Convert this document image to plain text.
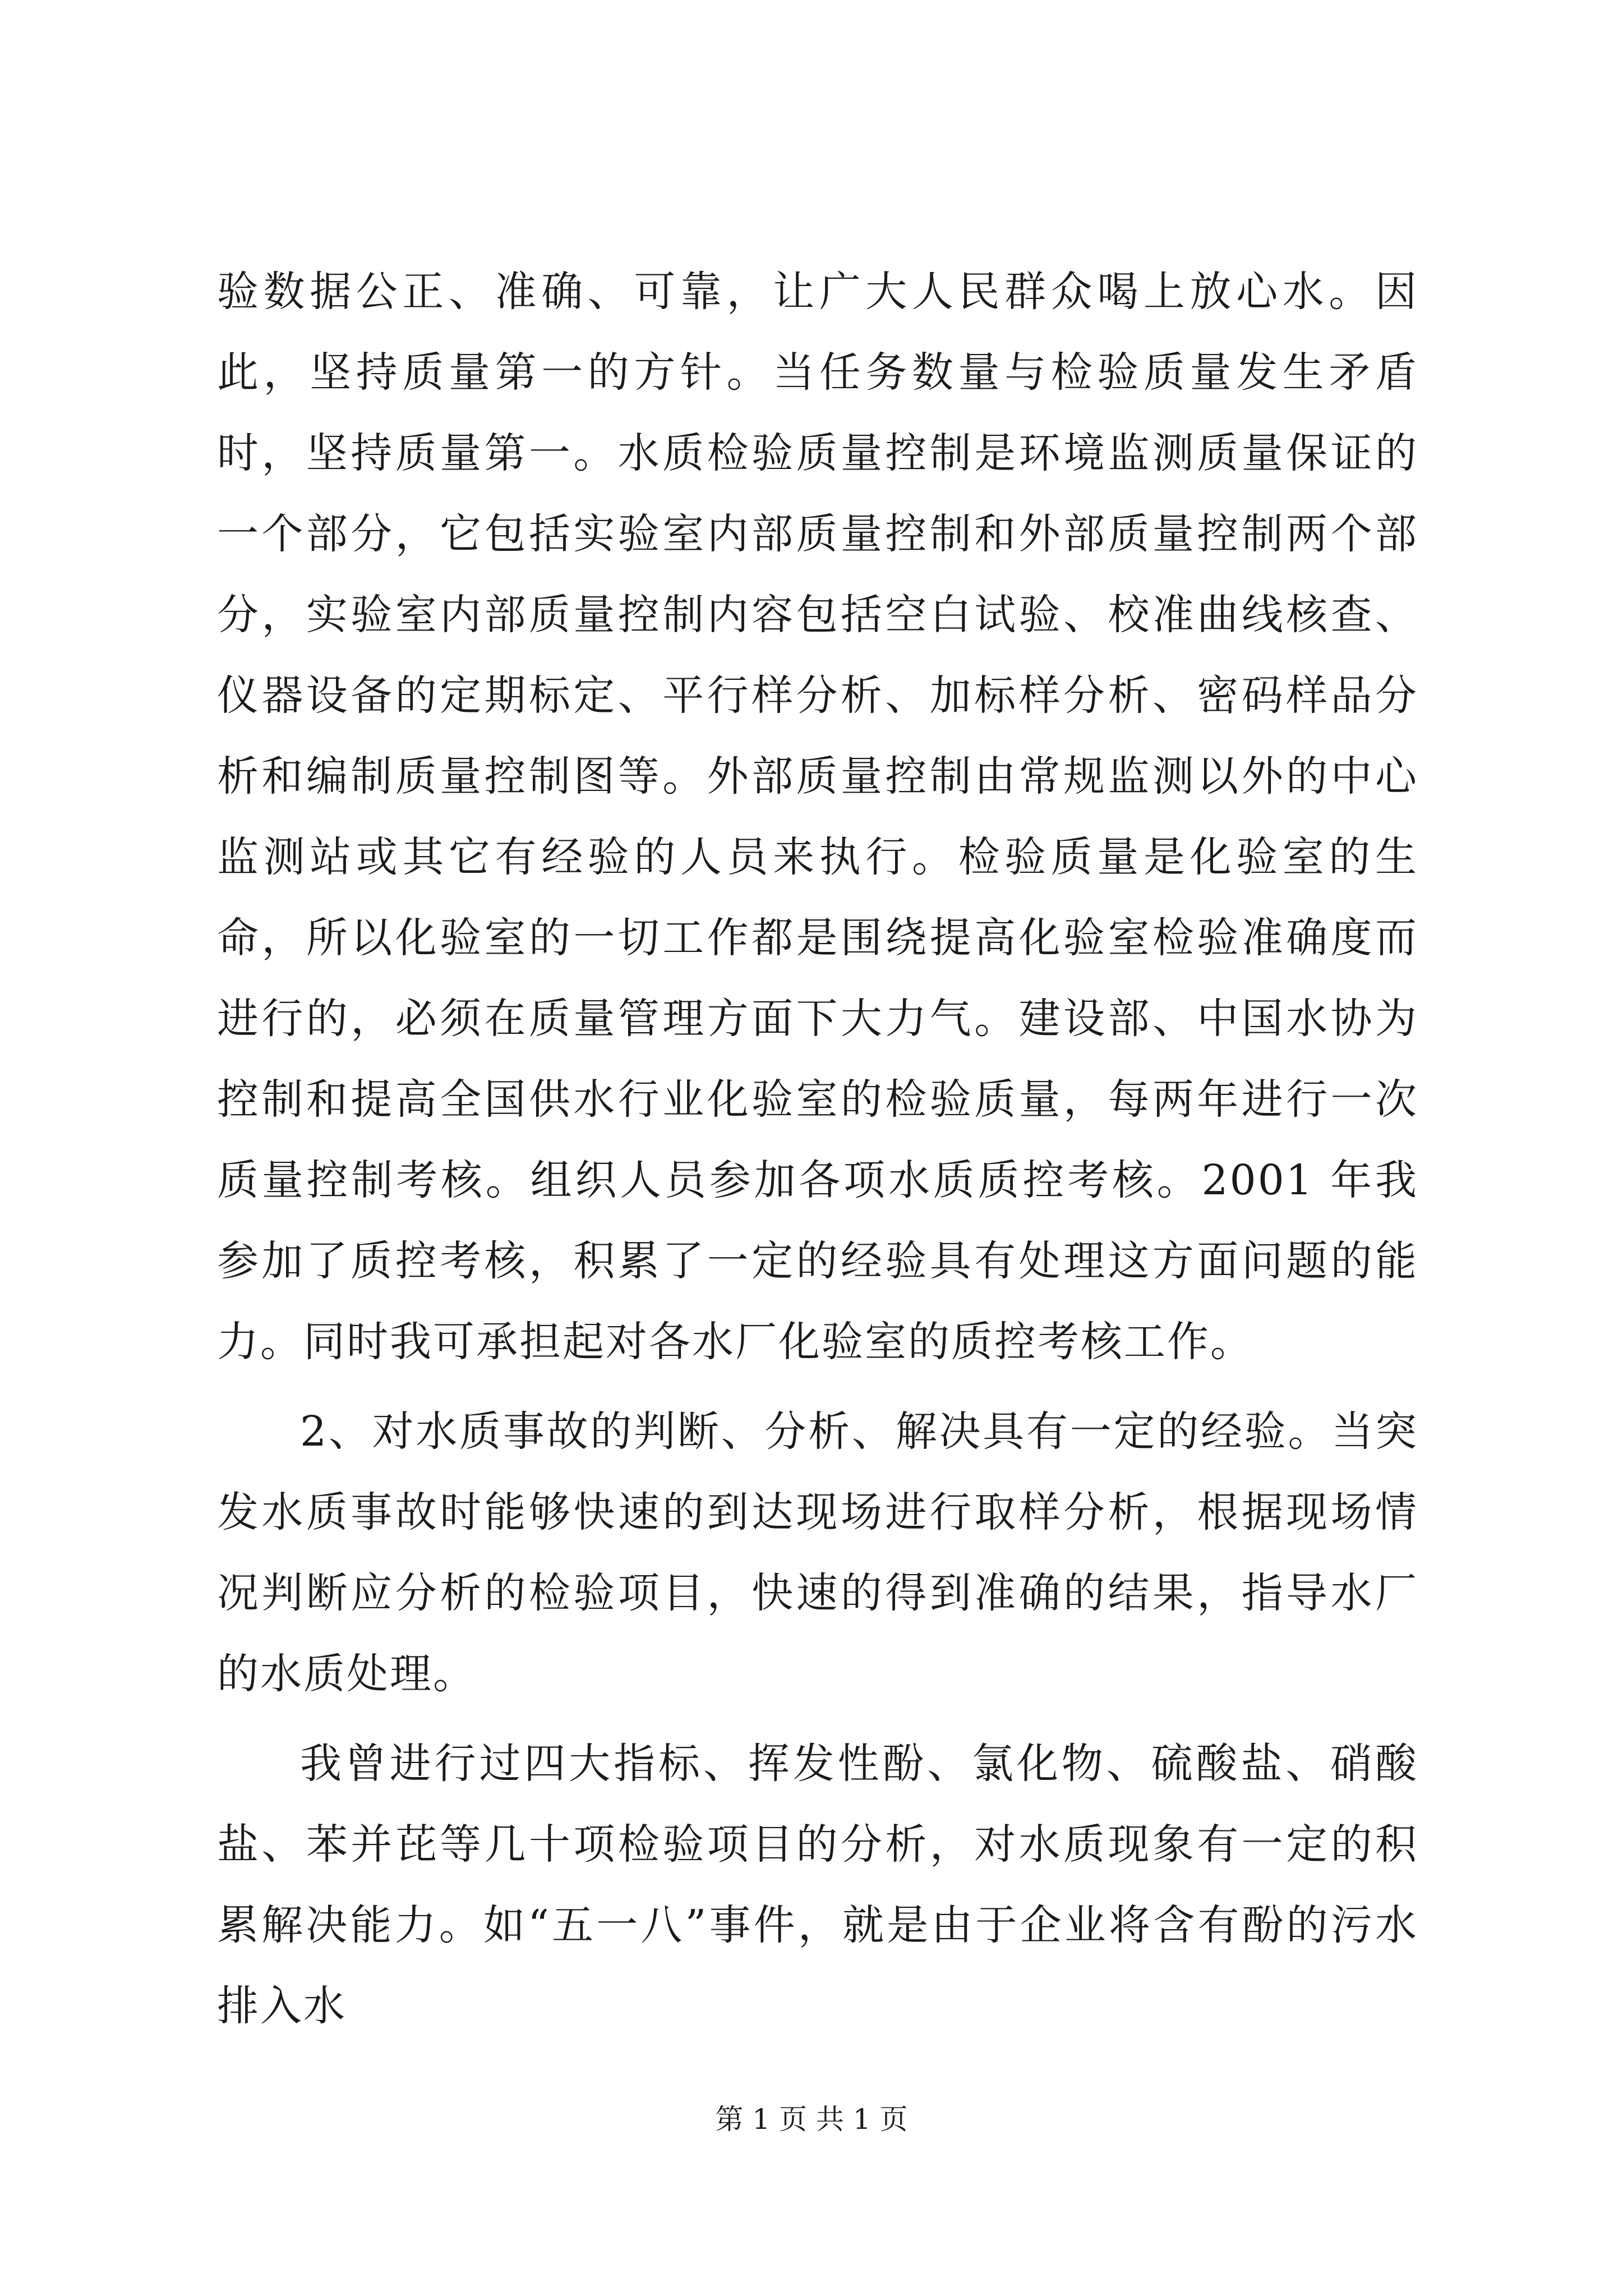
验数据公正、准确、可靠，让广大人民群众喝上放心水。因此，坚持质量第一的方针。当任务数量与检验质量发生矛盾时，坚持质量第一。水质检验质量控制是环境监测质量保证的一个部分，它包括实验室内部质量控制和外部质量控制两个部分，实验室内部质量控制内容包括空白试验、校准曲线核查、仪器设备的定期标定、平行样分析、加标样分析、密码样品分析和编制质量控制图等。外部质量控制由常规监测以外的中心监测站或其它有经验的人员来执行。检验质量是化验室的生命，所以化验室的一切工作都是围绕提高化验室检验准确度而进行的，必须在质量管理方面下大力气。建设部、中国水协为控制和提高全国供水行业化验室的检验质量，每两年进行一次质量控制考核。组织人员参加各项水质质控考核。2001 年我参加了质控考核，积累了一定的经验具有处理这方面问题的能力。同时我可承担起对各水厂化验室的质控考核工作。

2、对水质事故的判断、分析、解决具有一定的经验。当突发水质事故时能够快速的到达现场进行取样分析，根据现场情况判断应分析的检验项目，快速的得到准确的结果，指导水厂的水质处理。

我曾进行过四大指标、挥发性酚、氯化物、硫酸盐、硝酸盐、苯并芘等几十项检验项目的分析，对水质现象有一定的积累解决能力。如“五一八”事件，就是由于企业将含有酚的污水排入水

第 1 页 共 1 页
